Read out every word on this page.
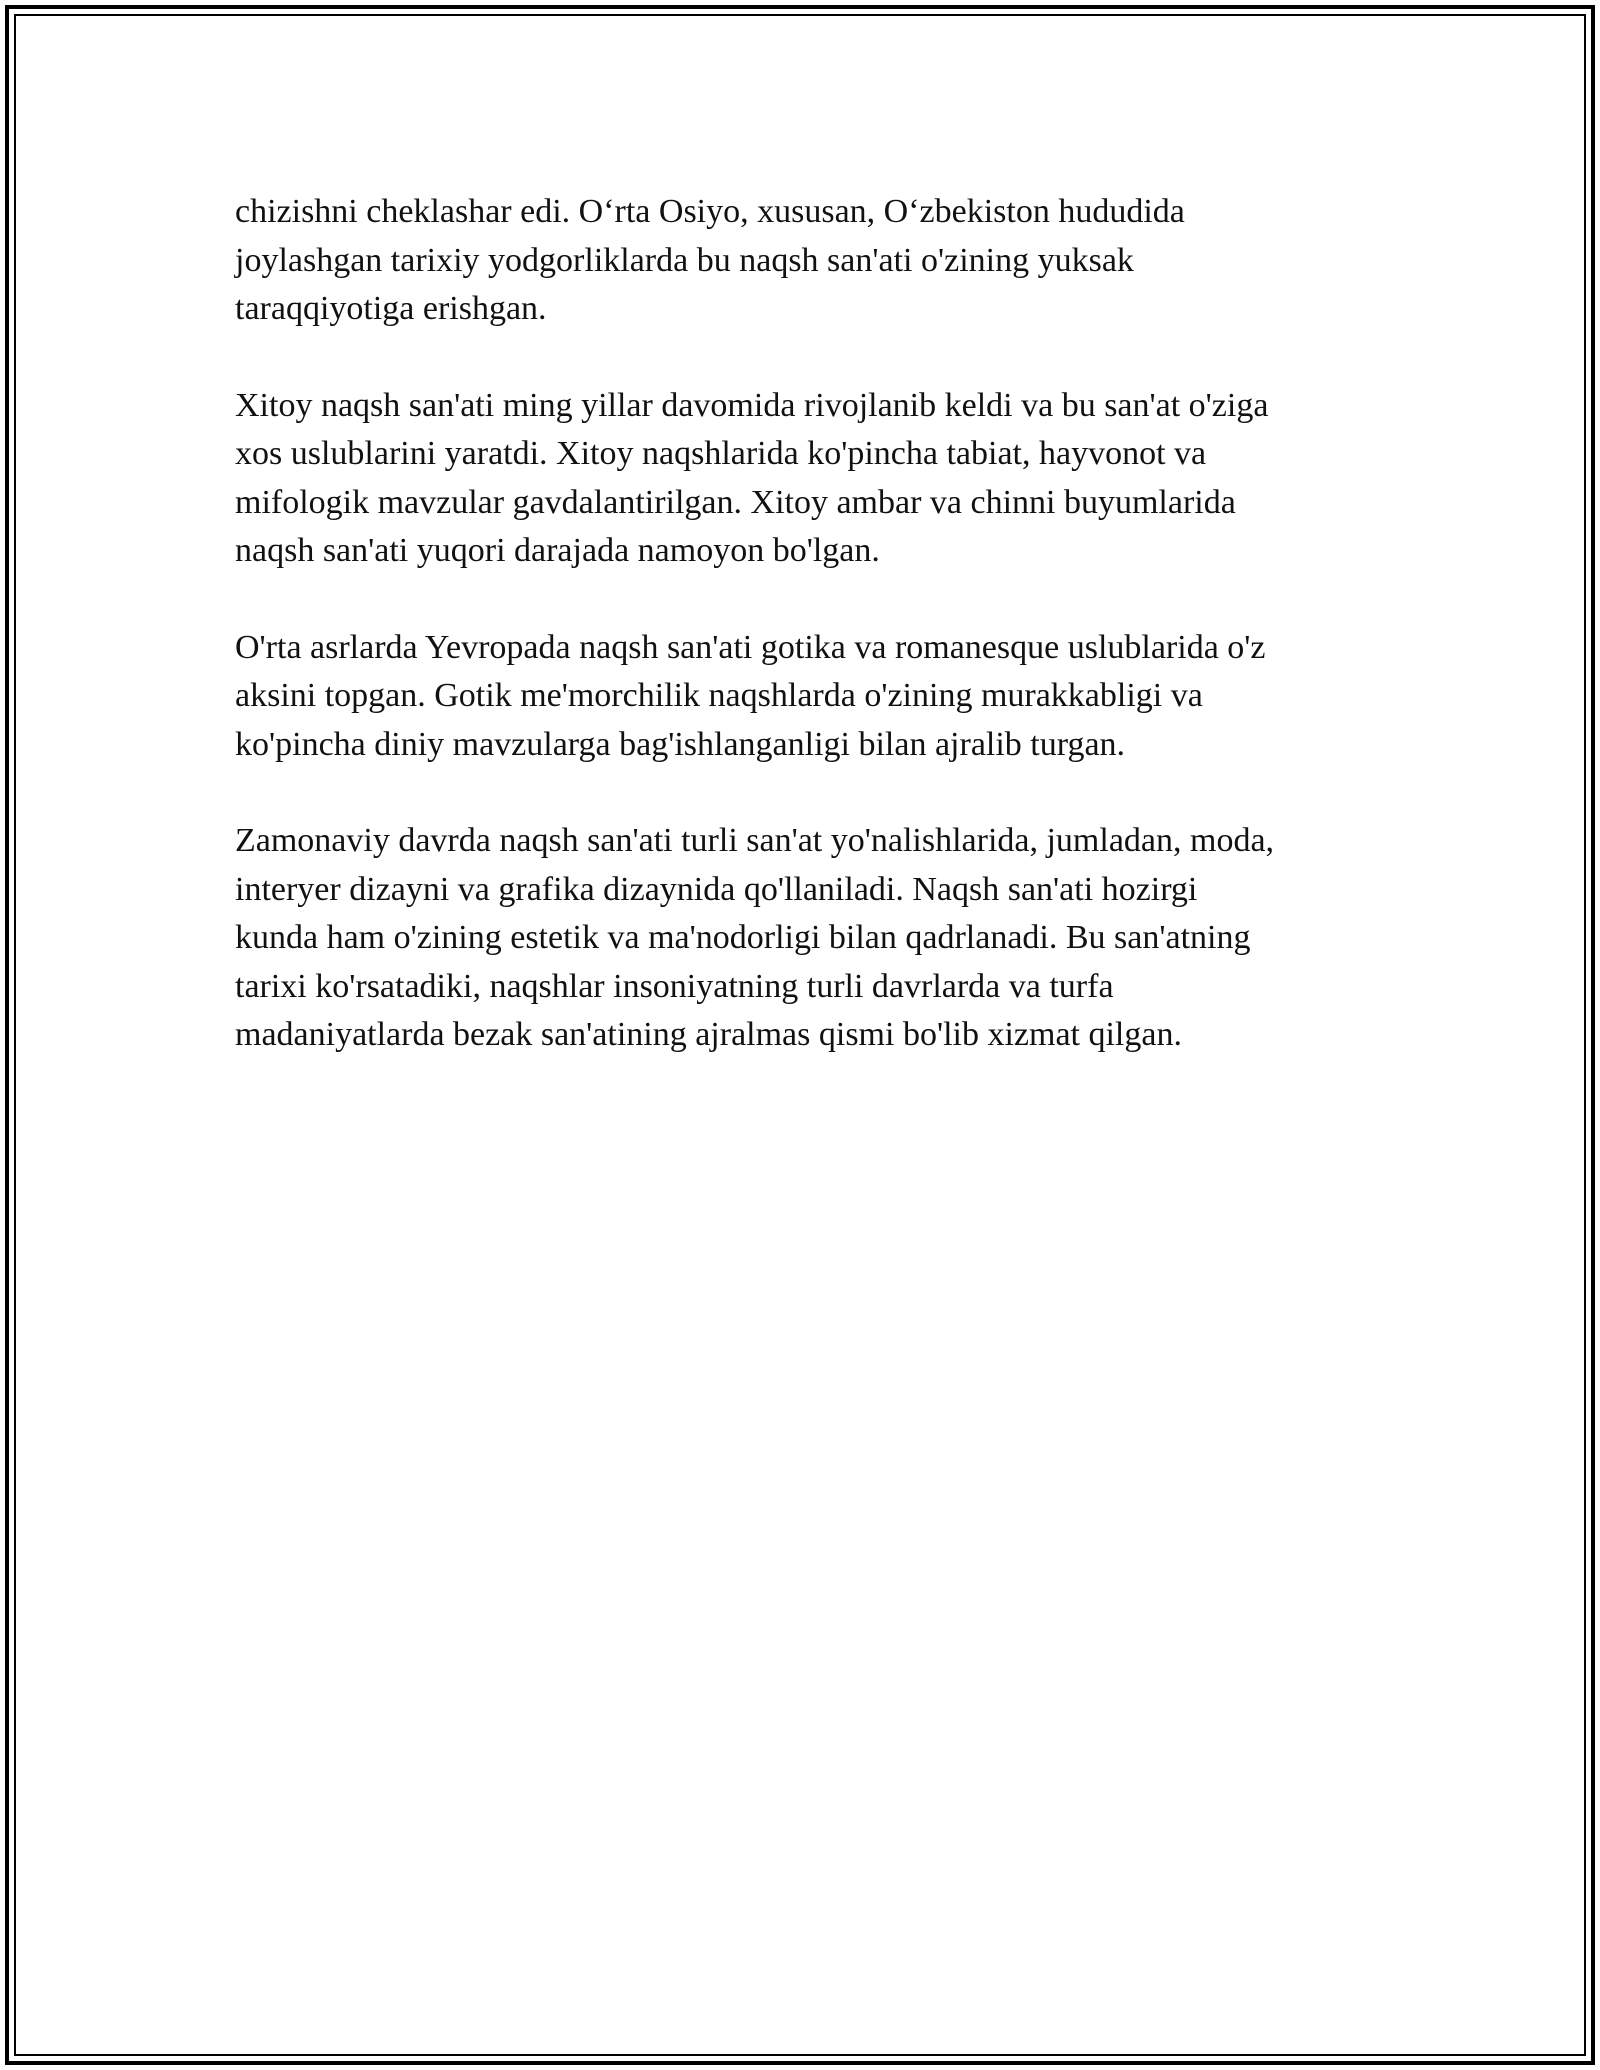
chizishni cheklashar edi. O‘rta Osiyo, xususan, O‘zbekiston hududida
joylashgan tarixiy yodgorliklarda bu naqsh san'ati o'zining yuksak
taraqqiyotiga erishgan.

Xitoy naqsh san'ati ming yillar davomida rivojlanib keldi va bu san'at o'ziga
xos uslublarini yaratdi. Xitoy naqshlarida ko'pincha tabiat, hayvonot va
mifologik mavzular gavdalantirilgan. Xitoy ambar va chinni buyumlarida
naqsh san'ati yuqori darajada namoyon bo'lgan.

O'rta asrlarda Yevropada naqsh san'ati gotika va romanesque uslublarida o'z
aksini topgan. Gotik me'morchilik naqshlarda o'zining murakkabligi va
ko'pincha diniy mavzularga bag'ishlanganligi bilan ajralib turgan.

Zamonaviy davrda naqsh san'ati turli san'at yo'nalishlarida, jumladan, moda,
interyer dizayni va grafika dizaynida qo'llaniladi. Naqsh san'ati hozirgi
kunda ham o'zining estetik va ma'nodorligi bilan qadrlanadi. Bu san'atning
tarixi ko'rsatadiki, naqshlar insoniyatning turli davrlarda va turfa
madaniyatlarda bezak san'atining ajralmas qismi bo'lib xizmat qilgan.
